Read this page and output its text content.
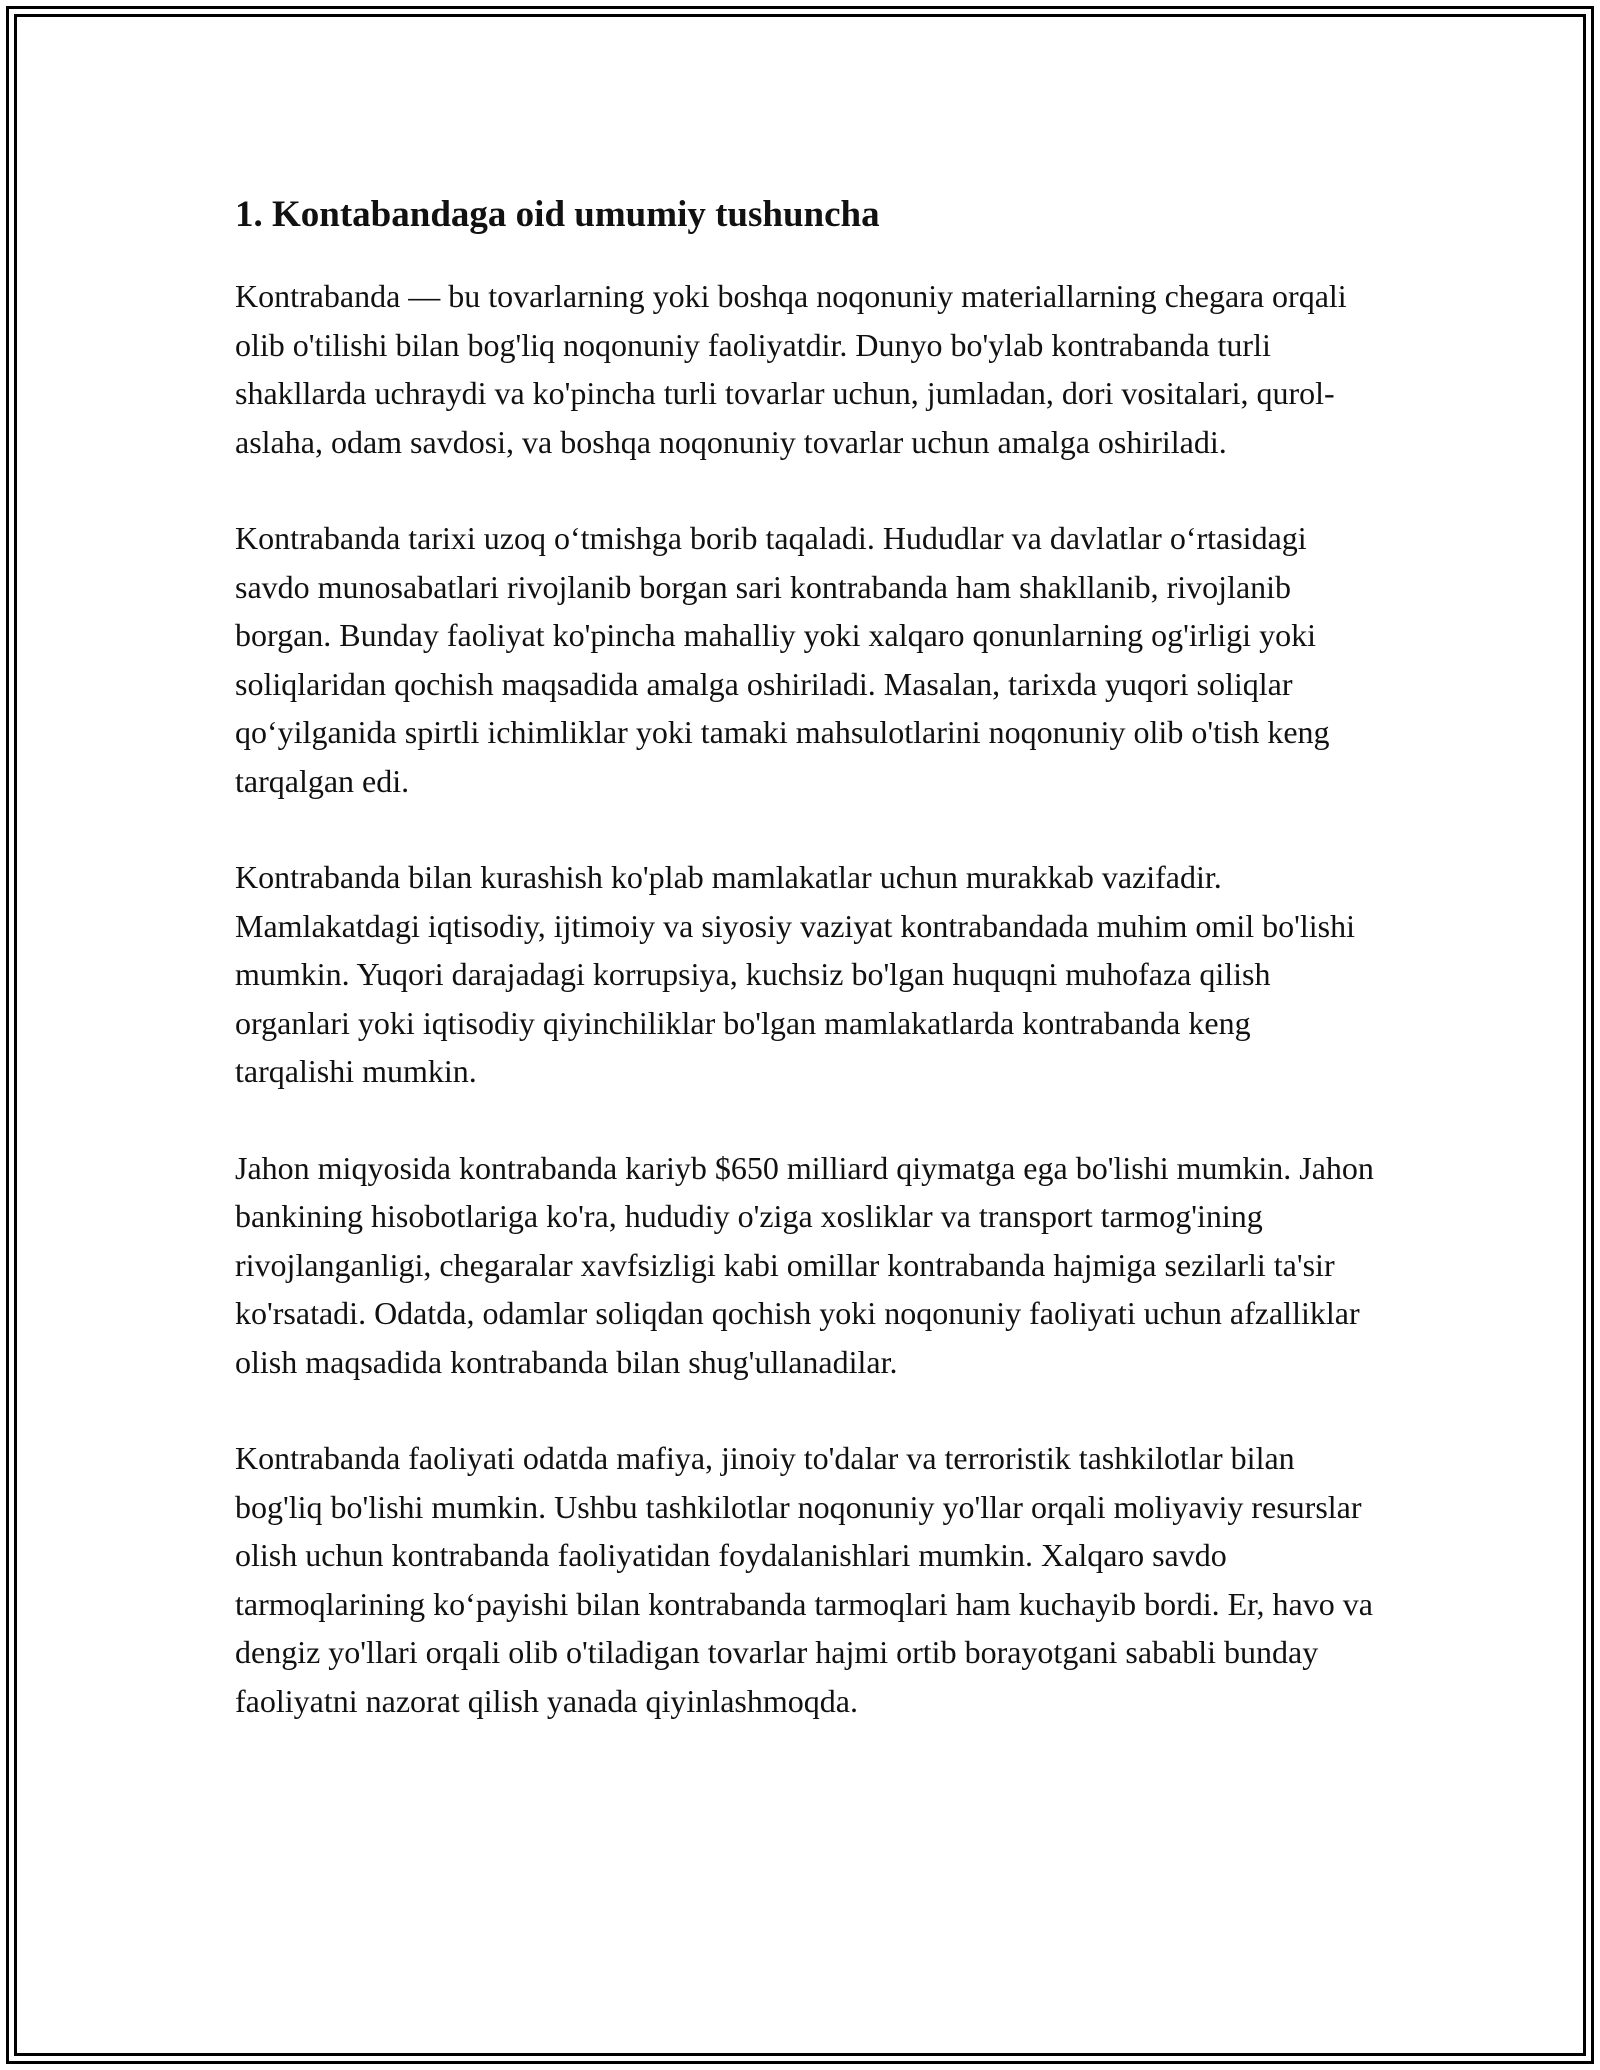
1. Kontabandaga oid umumiy tushuncha

Kontrabanda — bu tovarlarning yoki boshqa noqonuniy materiallarning chegara orqali olib o'tilishi bilan bog'liq noqonuniy faoliyatdir. Dunyo bo'ylab kontrabanda turli shakllarda uchraydi va ko'pincha turli tovarlar uchun, jumladan, dori vositalari, qurol-aslaha, odam savdosi, va boshqa noqonuniy tovarlar uchun amalga oshiriladi.

Kontrabanda tarixi uzoq o‘tmishga borib taqaladi. Hududlar va davlatlar o‘rtasidagi savdo munosabatlari rivojlanib borgan sari kontrabanda ham shakllanib, rivojlanib borgan. Bunday faoliyat ko'pincha mahalliy yoki xalqaro qonunlarning og'irligi yoki soliqlaridan qochish maqsadida amalga oshiriladi. Masalan, tarixda yuqori soliqlar qo‘yilganida spirtli ichimliklar yoki tamaki mahsulotlarini noqonuniy olib o'tish keng tarqalgan edi.

Kontrabanda bilan kurashish ko'plab mamlakatlar uchun murakkab vazifadir. Mamlakatdagi iqtisodiy, ijtimoiy va siyosiy vaziyat kontrabandada muhim omil bo'lishi mumkin. Yuqori darajadagi korrupsiya, kuchsiz bo'lgan huquqni muhofaza qilish organlari yoki iqtisodiy qiyinchiliklar bo'lgan mamlakatlarda kontrabanda keng tarqalishi mumkin.

Jahon miqyosida kontrabanda kariyb $650 milliard qiymatga ega bo'lishi mumkin. Jahon bankining hisobotlariga ko'ra, hududiy o'ziga xosliklar va transport tarmog'ining rivojlanganligi, chegaralar xavfsizligi kabi omillar kontrabanda hajmiga sezilarli ta'sir ko'rsatadi. Odatda, odamlar soliqdan qochish yoki noqonuniy faoliyati uchun afzalliklar olish maqsadida kontrabanda bilan shug'ullanadilar.

Kontrabanda faoliyati odatda mafiya, jinoiy to'dalar va terroristik tashkilotlar bilan bog'liq bo'lishi mumkin. Ushbu tashkilotlar noqonuniy yo'llar orqali moliyaviy resurslar olish uchun kontrabanda faoliyatidan foydalanishlari mumkin. Xalqaro savdo tarmoqlarining ko‘payishi bilan kontrabanda tarmoqlari ham kuchayib bordi. Er, havo va dengiz yo'llari orqali olib o'tiladigan tovarlar hajmi ortib borayotgani sababli bunday faoliyatni nazorat qilish yanada qiyinlashmoqda.
